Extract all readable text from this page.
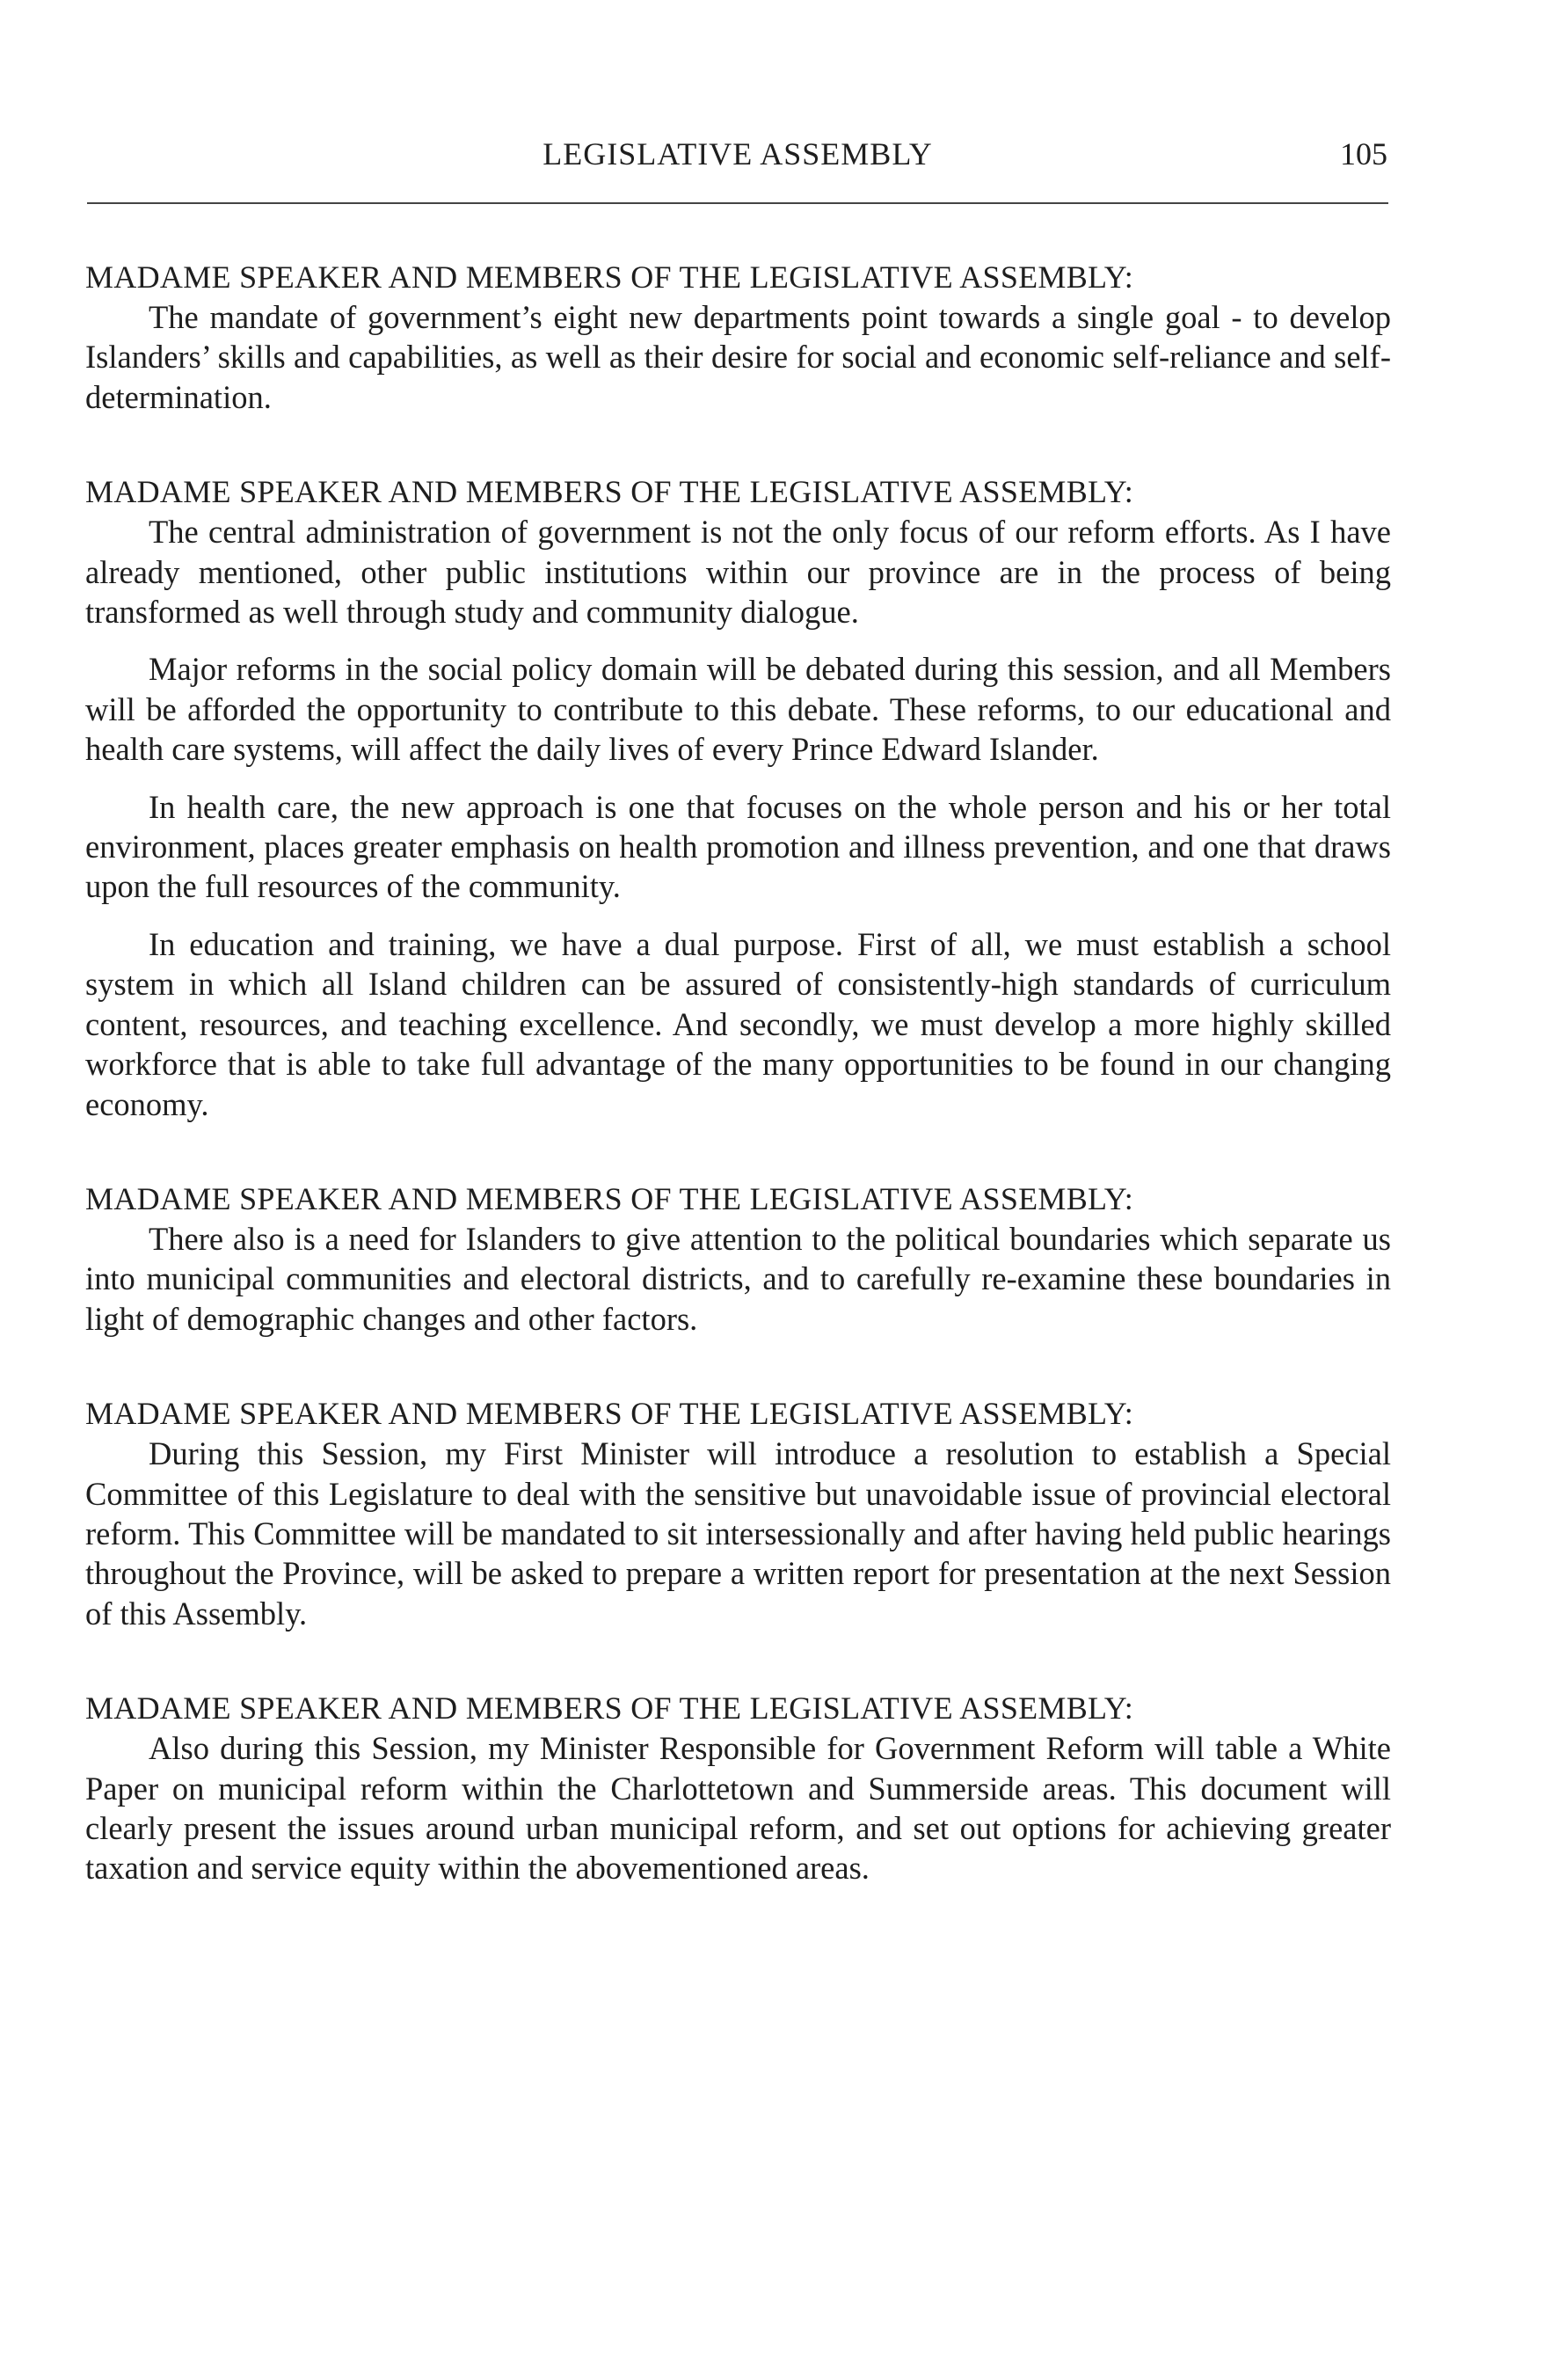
LEGISLATIVE ASSEMBLY	105

MADAME SPEAKER AND MEMBERS OF THE LEGISLATIVE ASSEMBLY:

The mandate of government’s eight new departments point towards a single goal - to develop Islanders’ skills and capabilities, as well as their desire for social and economic self-reliance and self-determination.

MADAME SPEAKER AND MEMBERS OF THE LEGISLATIVE ASSEMBLY:

The central administration of government is not the only focus of our reform efforts. As I have already mentioned, other public institutions within our province are in the process of being transformed as well through study and community dialogue.

Major reforms in the social policy domain will be debated during this session, and all Members will be afforded the opportunity to contribute to this debate. These reforms, to our educational and health care systems, will affect the daily lives of every Prince Edward Islander.

In health care, the new approach is one that focuses on the whole person and his or her total environment, places greater emphasis on health promotion and illness prevention, and one that draws upon the full resources of the community.

In education and training, we have a dual purpose. First of all, we must establish a school system in which all Island children can be assured of consistently-high standards of curriculum content, resources, and teaching excellence. And secondly, we must develop a more highly skilled workforce that is able to take full advantage of the many opportunities to be found in our changing economy.

MADAME SPEAKER AND MEMBERS OF THE LEGISLATIVE ASSEMBLY:

There also is a need for Islanders to give attention to the political boundaries which separate us into municipal communities and electoral districts, and to carefully re-examine these boundaries in light of demographic changes and other factors.

MADAME SPEAKER AND MEMBERS OF THE LEGISLATIVE ASSEMBLY:

During this Session, my First Minister will introduce a resolution to establish a Special Committee of this Legislature to deal with the sensitive but unavoidable issue of provincial electoral reform. This Committee will be mandated to sit intersessionally and after having held public hearings throughout the Province, will be asked to prepare a written report for presentation at the next Session of this Assembly.

MADAME SPEAKER AND MEMBERS OF THE LEGISLATIVE ASSEMBLY:

Also during this Session, my Minister Responsible for Government Reform will table a White Paper on municipal reform within the Charlottetown and Summerside areas. This document will clearly present the issues around urban municipal reform, and set out options for achieving greater taxation and service equity within the abovementioned areas.
